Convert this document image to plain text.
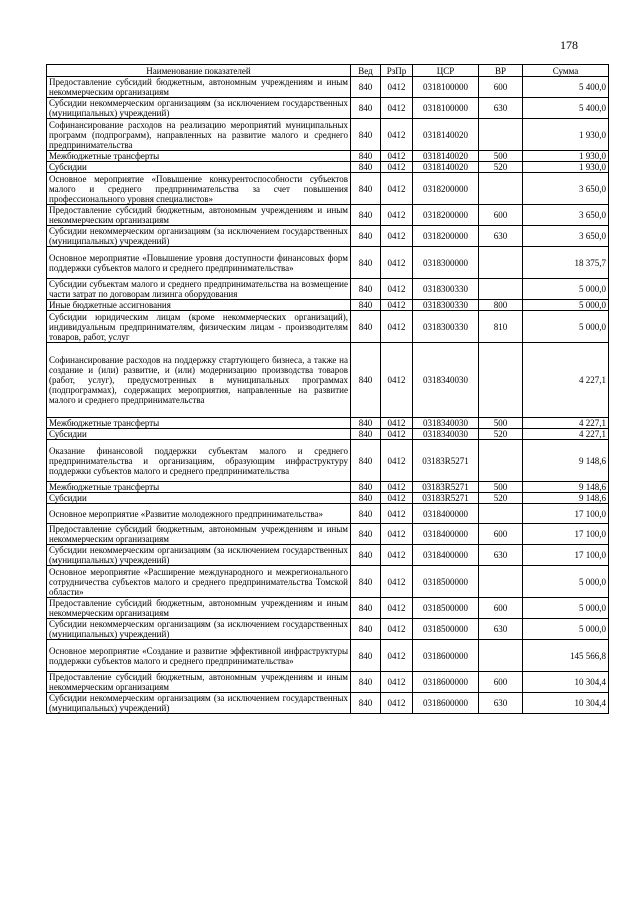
178
Наименование показателей	Вед	РзПр	ЦСР	ВР	Сумма
Предоставление субсидий бюджетным, автономным учреждениям и иным некоммерческим организациям	840	0412	0318100000	600	5 400,0
Субсидии некоммерческим организациям (за исключением государственных (муниципальных) учреждений)	840	0412	0318100000	630	5 400,0
Софинансирование расходов на реализацию мероприятий муниципальных программ (подпрограмм), направленных на развитие малого и среднего предпринимательства	840	0412	0318140020		1 930,0
Межбюджетные трансферты	840	0412	0318140020	500	1 930,0
Субсидии	840	0412	0318140020	520	1 930,0
Основное мероприятие «Повышение конкурентоспособности субъектов малого и среднего предпринимательства за счет повышения профессионального уровня специалистов»	840	0412	0318200000		3 650,0
Предоставление субсидий бюджетным, автономным учреждениям и иным некоммерческим организациям	840	0412	0318200000	600	3 650,0
Субсидии некоммерческим организациям (за исключением государственных (муниципальных) учреждений)	840	0412	0318200000	630	3 650,0
Основное мероприятие «Повышение уровня доступности финансовых форм поддержки субъектов малого и среднего предпринимательства»	840	0412	0318300000		18 375,7
Субсидии субъектам малого и среднего предпринимательства на возмещение части затрат по договорам лизинга оборудования	840	0412	0318300330		5 000,0
Иные бюджетные ассигнования	840	0412	0318300330	800	5 000,0
Субсидии юридическим лицам (кроме некоммерческих организаций), индивидуальным предпринимателям, физическим лицам - производителям товаров, работ, услуг	840	0412	0318300330	810	5 000,0
Софинансирование расходов на поддержку стартующего бизнеса, а также на создание и (или) развитие, и (или) модернизацию производства товаров (работ, услуг), предусмотренных в муниципальных программах (подпрограммах), содержащих мероприятия, направленные на развитие малого и среднего предпринимательства	840	0412	0318340030		4 227,1
Межбюджетные трансферты	840	0412	0318340030	500	4 227,1
Субсидии	840	0412	0318340030	520	4 227,1
Оказание финансовой поддержки субъектам малого и среднего предпринимательства и организациям, образующим инфраструктуру поддержки субъектов малого и среднего предпринимательства	840	0412	03183R5271		9 148,6
Межбюджетные трансферты	840	0412	03183R5271	500	9 148,6
Субсидии	840	0412	03183R5271	520	9 148,6
Основное мероприятие «Развитие молодежного предпринимательства»	840	0412	0318400000		17 100,0
Предоставление субсидий бюджетным, автономным учреждениям и иным некоммерческим организациям	840	0412	0318400000	600	17 100,0
Субсидии некоммерческим организациям (за исключением государственных (муниципальных) учреждений)	840	0412	0318400000	630	17 100,0
Основное мероприятие «Расширение международного и межрегионального сотрудничества субъектов малого и среднего предпринимательства Томской области»	840	0412	0318500000		5 000,0
Предоставление субсидий бюджетным, автономным учреждениям и иным некоммерческим организациям	840	0412	0318500000	600	5 000,0
Субсидии некоммерческим организациям (за исключением государственных (муниципальных) учреждений)	840	0412	0318500000	630	5 000,0
Основное мероприятие «Создание и развитие эффективной инфраструктуры поддержки субъектов малого и среднего предпринимательства»	840	0412	0318600000		145 566,8
Предоставление субсидий бюджетным, автономным учреждениям и иным некоммерческим организациям	840	0412	0318600000	600	10 304,4
Субсидии некоммерческим организациям (за исключением государственных (муниципальных) учреждений)	840	0412	0318600000	630	10 304,4
